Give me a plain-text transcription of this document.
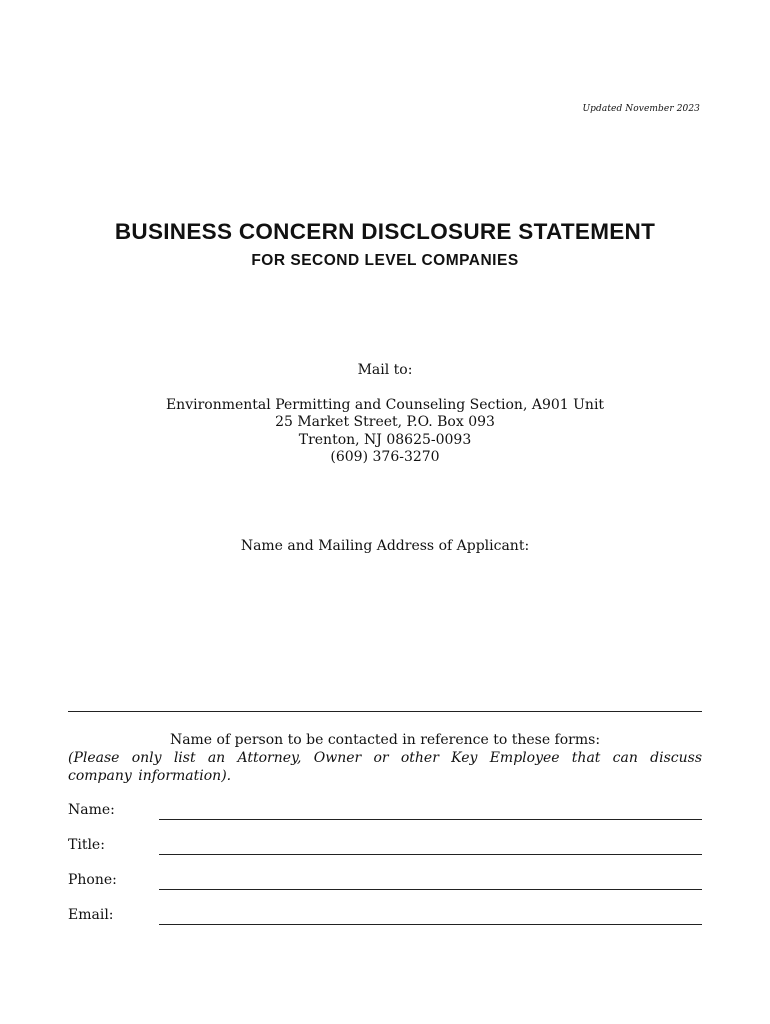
Updated November 2023
BUSINESS CONCERN DISCLOSURE STATEMENT
FOR SECOND LEVEL COMPANIES
Mail to:
Environmental Permitting and Counseling Section, A901 Unit
25 Market Street, P.O. Box 093
Trenton, NJ 08625-0093
(609) 376-3270
Name and Mailing Address of Applicant:
Name of person to be contacted in reference to these forms:
(Please only list an Attorney, Owner or other Key Employee that can discuss company information).
Name:
Title:
Phone:
Email:
